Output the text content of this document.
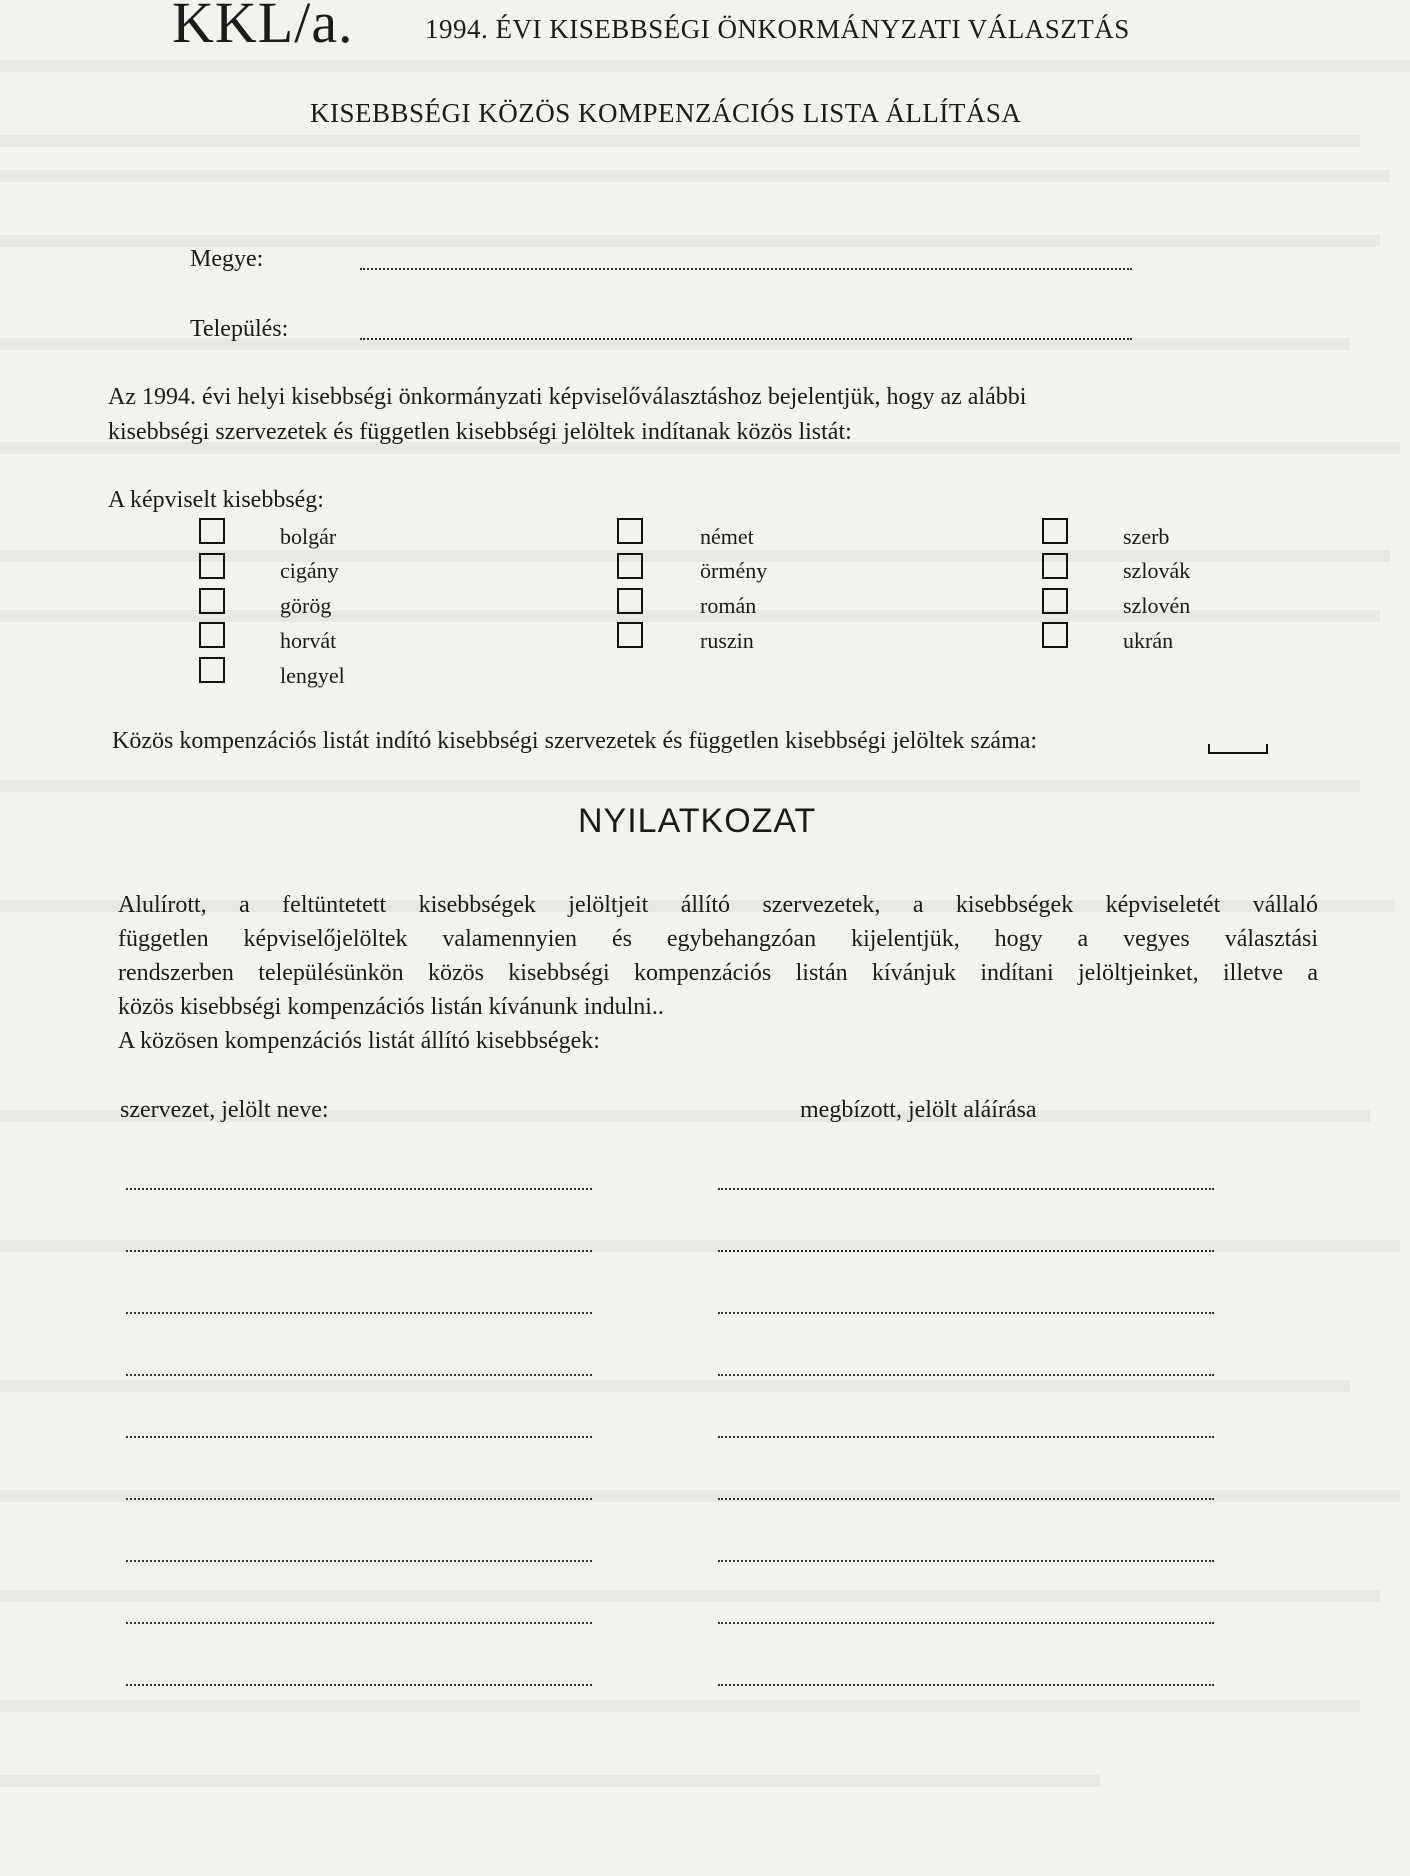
KKL/a.	1994. ÉVI KISEBBSÉGI ÖNKORMÁNYZATI VÁLASZTÁS
KISEBBSÉGI KÖZÖS KOMPENZÁCIÓS LISTA ÁLLÍTÁSA
Megye:
Település:
Az 1994. évi helyi kisebbségi önkormányzati képviselőválasztáshoz bejelentjük, hogy az alábbi
kisebbségi szervezetek és független kisebbségi jelöltek indítanak közös listát:
A képviselt kisebbség:
bolgár
cigány
görög
horvát
lengyel
német
örmény
román
ruszin
szerb
szlovák
szlovén
ukrán
Közös kompenzációs listát indító kisebbségi szervezetek és független kisebbségi jelöltek száma:
NYILATKOZAT
Alulírott, a feltüntetett kisebbségek jelöltjeit állító szervezetek, a kisebbségek képviseletét vállaló
független képviselőjelöltek valamennyien és egybehangzóan kijelentjük, hogy a vegyes választási
rendszerben településünkön közös kisebbségi kompenzációs listán kívánjuk indítani jelöltjeinket, illetve a
közös kisebbségi kompenzációs listán kívánunk indulni..
A közösen kompenzációs listát állító kisebbségek:
szervezet, jelölt neve:	megbízott, jelölt aláírása
